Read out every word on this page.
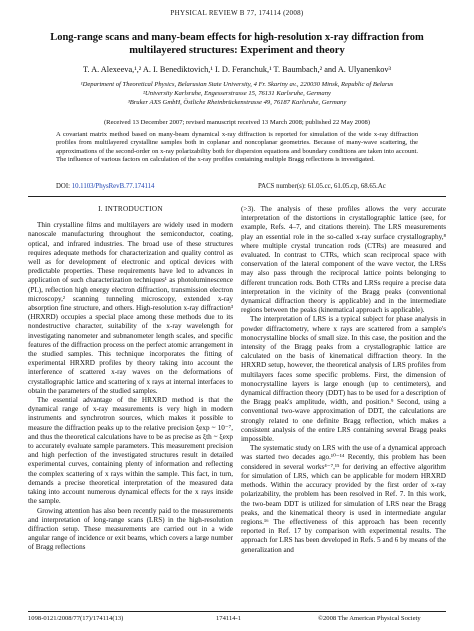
PHYSICAL REVIEW B 77, 174114 (2008)
Long-range scans and many-beam effects for high-resolution x-ray diffraction from multilayered structures: Experiment and theory
T. A. Alexeeva,¹,² A. I. Benediktovich,¹ I. D. Feranchuk,¹ T. Baumbach,² and A. Ulyanenkov³
¹Department of Theoretical Physics, Belarusian State University, 4 Fr. Skariny av., 220030 Minsk, Republic of Belarus
²University Karlsruhe, Engesserstrasse 15, 76131 Karlsruhe, Germany
³Bruker AXS GmbH, Östliche Rheinbrückenstrasse 49, 76187 Karlsruhe, Germany
(Received 13 December 2007; revised manuscript received 13 March 2008; published 22 May 2008)
A covariant matrix method based on many-beam dynamical x-ray diffraction is reported for simulation of the wide x-ray diffraction profiles from multilayered crystalline samples both in coplanar and noncoplanar geometries. Because of many-wave scattering, the approximations of the second-order on x-ray polarizability both for dispersion equations and boundary conditions are taken into account. The influence of various factors on calculation of the x-ray profiles containing multiple Bragg reflections is investigated.
DOI: 10.1103/PhysRevB.77.174114	PACS number(s): 61.05.cc, 61.05.cp, 68.65.Ac
I. INTRODUCTION

Thin crystalline films and multilayers are widely used in modern nanoscale manufacturing throughout the semiconductor, coating, optical, and infrared industries. The broad use of these structures requires adequate methods for characterization and quality control as well as for development of electronic and optical devices with predictable properties. These requirements have led to advances in application of such characterization techniques¹ as photoluminescence (PL), reflection high energy electron diffraction, transmission electron microscopy,² scanning tunneling microscopy, extended x-ray absorption fine structure, and others. High-resolution x-ray diffraction³ (HRXRD) occupies a special place among these methods due to its nondestructive character, suitability of the x-ray wavelength for investigating nanometer and subnanometer length scales, and specific features of the diffraction process on the perfect atomic arrangement in the studied samples. This technique incorporates the fitting of experimental HRXRD profiles by theory taking into account the interference of scattered x-ray waves on the deformations of crystallographic lattice and scattering of x rays at internal interfaces to obtain the parameters of the studied samples.

The essential advantage of the HRXRD method is that the dynamical range of x-ray measurements is very high in modern instruments and synchrotron sources, which makes it possible to measure the diffraction peaks up to the relative precision ξexp ~ 10⁻⁷, and thus the theoretical calculations have to be as precise as ξth ~ ξexp to accurately evaluate sample parameters. This measurement precision and high perfection of the investigated structures result in detailed experimental curves, containing plenty of information and reflecting the complex scattering of x rays within the sample. This fact, in turn, demands a precise theoretical interpretation of the measured data taking into account numerous dynamical effects for the x rays inside the sample.

Growing attention has also been recently paid to the measurements and interpretation of long-range scans (LRS) in the high-resolution diffraction setup. These measurements are carried out in a wide angular range of incidence or exit beams, which covers a large number of Bragg reflections

(>3). The analysis of these profiles allows the very accurate interpretation of the distortions in crystallographic lattice (see, for example, Refs. 4–7, and citations therein). The LRS measurements play an essential role in the so-called x-ray surface crystallography,⁸ where multiple crystal truncation rods (CTRs) are measured and evaluated. In contrast to CTRs, which scan reciprocal space with conservation of the lateral component of the wave vector, the LRSs may also pass through the reciprocal lattice points belonging to different truncation rods. Both CTRs and LRSs require a precise data interpretation in the vicinity of the Bragg peaks (conventional dynamical diffraction theory is applicable) and in the intermediate regions between the peaks (kinematical approach is applicable).

The interpretation of LRS is a typical subject for phase analysis in powder diffractometry, where x rays are scattered from a sample's monocrystalline blocks of small size. In this case, the position and the intensity of the Bragg peaks from a crystallographic lattice are calculated on the basis of kinematical diffraction theory. In the HRXRD setup, however, the theoretical analysis of LRS profiles from multilayers faces some specific problems. First, the dimension of monocrystalline layers is large enough (up to centimeters), and dynamical diffraction theory (DDT) has to be used for a description of the Bragg peak's amplitude, width, and position.⁹ Second, using a conventional two-wave approximation of DDT, the calculations are strongly related to one definite Bragg reflection, which makes a consistent analysis of the entire LRS containing several Bragg peaks impossible.

The systematic study on LRS with the use of a dynamical approach was started two decades ago.¹⁰⁻¹⁴ Recently, this problem has been considered in several works⁴⁻⁷,¹⁵ for deriving an effective algorithm for simulation of LRS, which can be applicable for modern HRXRD methods. Within the accuracy provided by the first order of x-ray polarizability, the problem has been resolved in Ref. 7. In this work, the two-beam DDT is utilized for simulation of LRS near the Bragg peaks, and the kinematical theory is used in intermediate angular regions.¹⁶ The effectiveness of this approach has been recently reported in Ref. 17 by comparison with experimental results. The approach for LRS has been developed in Refs. 5 and 6 by means of the generalization and

1098-0121/2008/77(17)/174114(13)	174114-1	©2008 The American Physical Society
